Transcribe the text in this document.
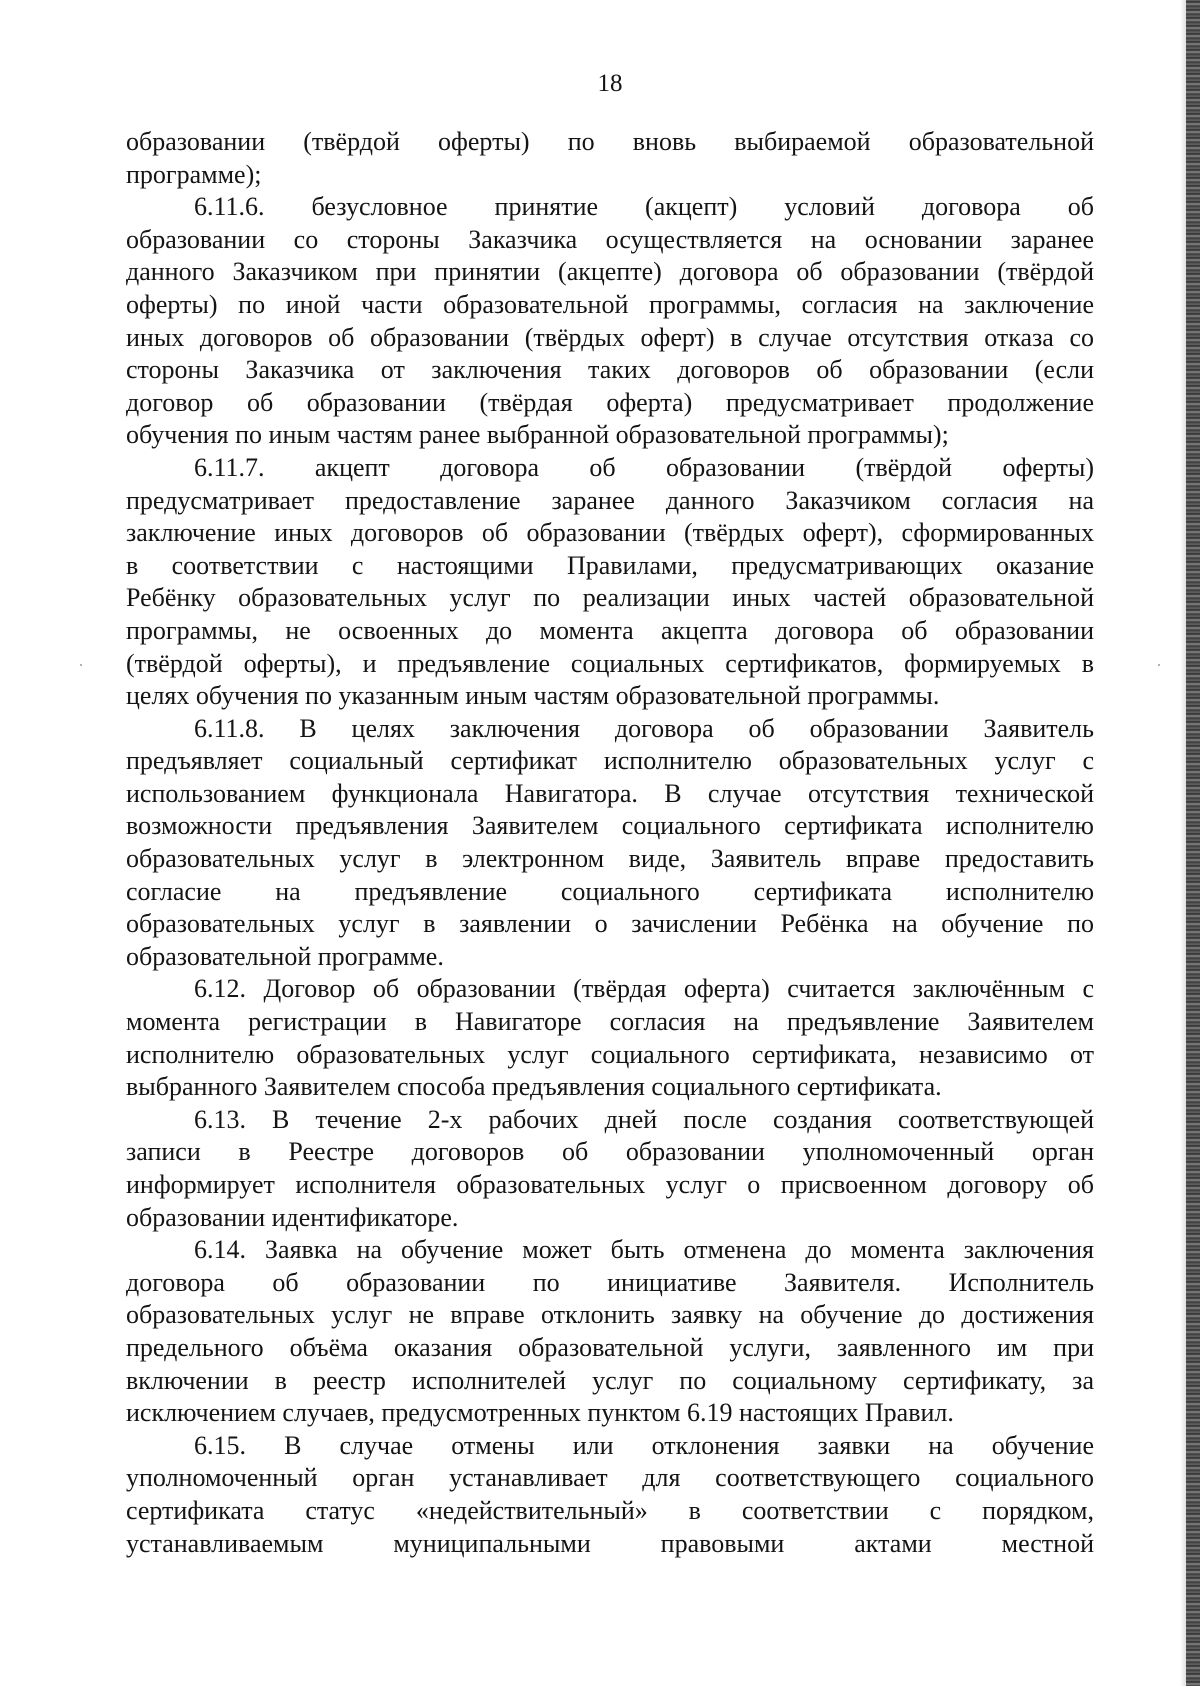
18
образовании (твёрдой оферты) по вновь выбираемой образовательной
программе);
6.11.6. безусловное принятие (акцепт) условий договора об
образовании со стороны Заказчика осуществляется на основании заранее
данного Заказчиком при принятии (акцепте) договора об образовании (твёрдой
оферты) по иной части образовательной программы, согласия на заключение
иных договоров об образовании (твёрдых оферт) в случае отсутствия отказа со
стороны Заказчика от заключения таких договоров об образовании (если
договор об образовании (твёрдая оферта) предусматривает продолжение
обучения по иным частям ранее выбранной образовательной программы);
6.11.7. акцепт договора об образовании (твёрдой оферты)
предусматривает предоставление заранее данного Заказчиком согласия на
заключение иных договоров об образовании (твёрдых оферт), сформированных
в соответствии с настоящими Правилами, предусматривающих оказание
Ребёнку образовательных услуг по реализации иных частей образовательной
программы, не освоенных до момента акцепта договора об образовании
(твёрдой оферты), и предъявление социальных сертификатов, формируемых в
целях обучения по указанным иным частям образовательной программы.
6.11.8. В целях заключения договора об образовании Заявитель
предъявляет социальный сертификат исполнителю образовательных услуг с
использованием функционала Навигатора. В случае отсутствия технической
возможности предъявления Заявителем социального сертификата исполнителю
образовательных услуг в электронном виде, Заявитель вправе предоставить
согласие на предъявление социального сертификата исполнителю
образовательных услуг в заявлении о зачислении Ребёнка на обучение по
образовательной программе.
6.12. Договор об образовании (твёрдая оферта) считается заключённым с
момента регистрации в Навигаторе согласия на предъявление Заявителем
исполнителю образовательных услуг социального сертификата, независимо от
выбранного Заявителем способа предъявления социального сертификата.
6.13. В течение 2-х рабочих дней после создания соответствующей
записи в Реестре договоров об образовании уполномоченный орган
информирует исполнителя образовательных услуг о присвоенном договору об
образовании идентификаторе.
6.14. Заявка на обучение может быть отменена до момента заключения
договора об образовании по инициативе Заявителя. Исполнитель
образовательных услуг не вправе отклонить заявку на обучение до достижения
предельного объёма оказания образовательной услуги, заявленного им при
включении в реестр исполнителей услуг по социальному сертификату, за
исключением случаев, предусмотренных пунктом 6.19 настоящих Правил.
6.15. В случае отмены или отклонения заявки на обучение
уполномоченный орган устанавливает для соответствующего социального
сертификата статус «недействительный» в соответствии с порядком,
устанавливаемым муниципальными правовыми актами местной
